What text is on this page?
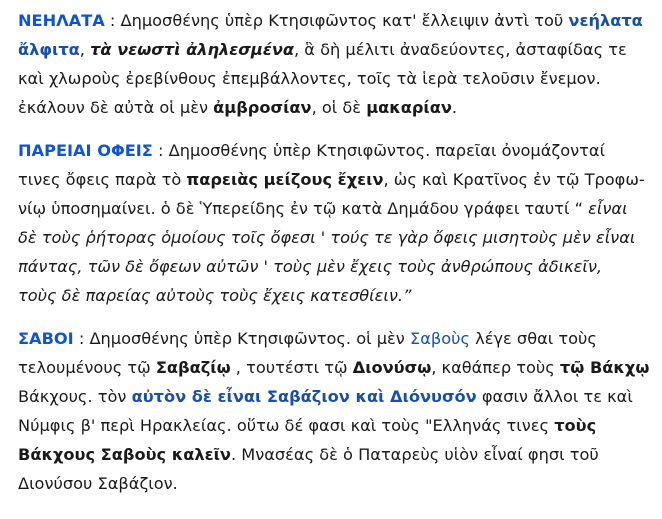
ΝΕΗΛΑΤΑ : Δημοσθένης ὑπὲρ Κτησιφῶντος κατ' ἔλλειψιν ἀντὶ τοῦ νεήλατα
ἄλφιτα, τὰ νεωστὶ ἀληλεσμένα, ἃ δὴ μέλιτι ἀναδεύοντες, ἀσταφίδας τε
καὶ χλωροὺς ἐρεβίνθους ἐπεμβάλλοντες, τοῖς τὰ ἱερὰ τελοῦσιν ἔνεμον.
ἐκάλουν δὲ αὐτὰ οἱ μὲν ἀμβροσίαν, οἱ δὲ μακαρίαν.
ΠΑΡΕΙΑΙ ΟΦΕΙΣ : Δημοσθένης ὑπὲρ Κτησιφῶντος. παρεῖαι ὀνομάζονταί
τινες ὄφεις παρὰ τὸ παρειὰς μείζους ἔχειν, ὡς καὶ Κρατῖνος ἐν τῷ Τροφω-
νίῳ ὑποσημαίνει. ὁ δὲ Ὑπερείδης ἐν τῷ κατὰ Δημάδου γράφει ταυτί “ εἶναι
δὲ τοὺς ῥήτορας ὁμοίους τοῖς ὄφεσι ' τούς τε γὰρ ὄφεις μισητοὺς μὲν εἶναι
πάντας, τῶν δὲ ὄφεων αὐτῶν ' τοὺς μὲν ἔχεις τοὺς ἀνθρώπους ἀδικεῖν,
τοὺς δὲ παρείας αὐτοὺς τοὺς ἔχεις κατεσθίειν.”
ΣΑΒΟΙ : Δημοσθένης ὑπὲρ Κτησιφῶντος. οἱ μὲν Σαβοὺς λέγε σθαι τοὺς
τελουμένους τῷ Σαβαζίῳ , τουτέστι τῷ Διονύσῳ, καθάπερ τοὺς τῷ Βάκχῳ
Βάκχους. τὸν αὐτὸν δὲ εἶναι Σαβάζιον καὶ Διόνυσόν φασιν ἄλλοι τε καὶ
Νύμφις β' περὶ Ηρακλείας. οὕτω δέ φασι καὶ τοὺς "Ελληνάς τινες τοὺς
Βάκχους Σαβοὺς καλεῖν. Μνασέας δὲ ὁ Παταρεὺς υἱὸν εἶναί φησι τοῦ
Διονύσου Σαβάζιον.
